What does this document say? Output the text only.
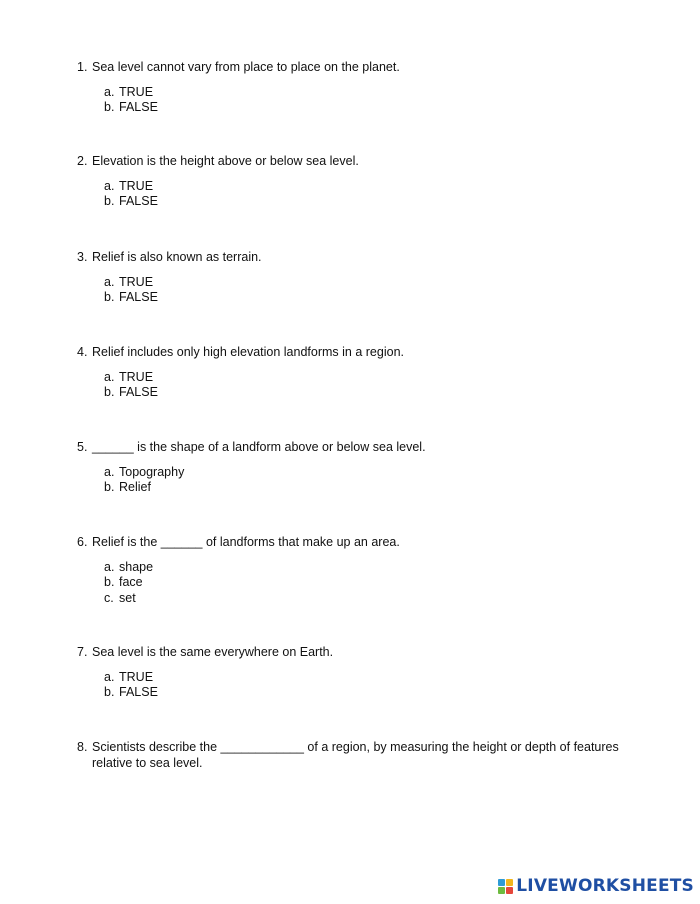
1. Sea level cannot vary from place to place on the planet.
a. TRUE
b. FALSE
2. Elevation is the height above or below sea level.
a. TRUE
b. FALSE
3. Relief is also known as terrain.
a. TRUE
b. FALSE
4. Relief includes only high elevation landforms in a region.
a. TRUE
b. FALSE
5. ______ is the shape of a landform above or below sea level.
a. Topography
b. Relief
6. Relief is the ______ of landforms that make up an area.
a. shape
b. face
c. set
7. Sea level is the same everywhere on Earth.
a. TRUE
b. FALSE
8. Scientists describe the ____________ of a region, by measuring the height or depth of features relative to sea level.
LIVEWORKSHEETS
